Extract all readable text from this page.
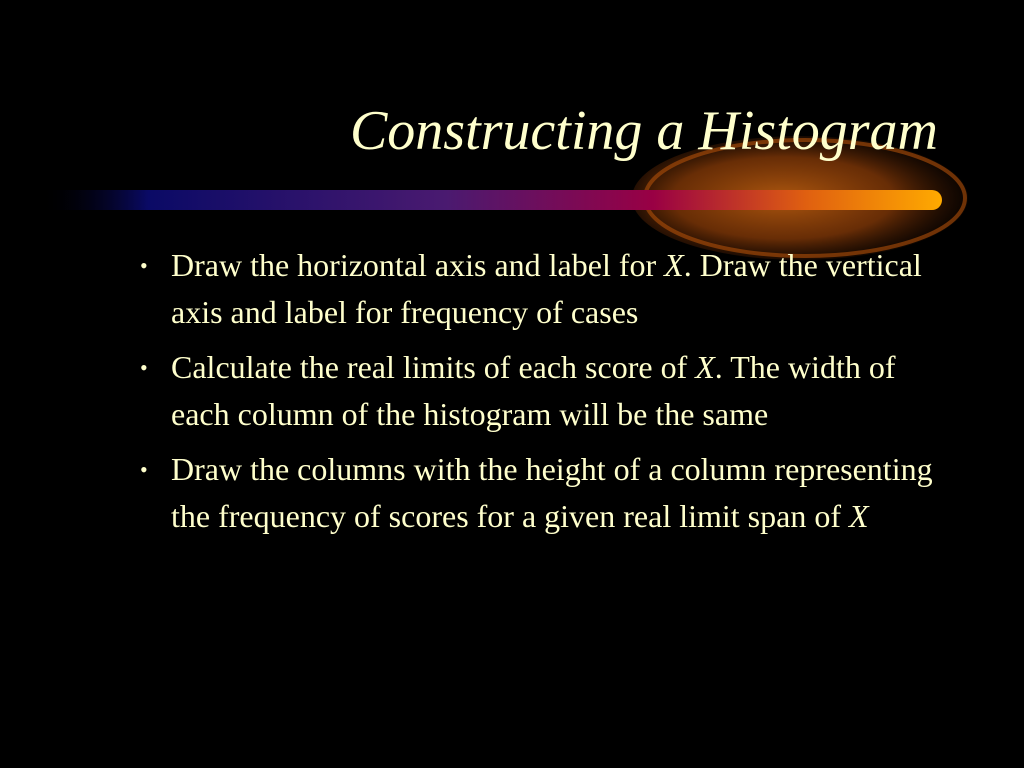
Constructing a Histogram
• Draw the horizontal axis and label for X. Draw the vertical axis and label for frequency of cases
• Calculate the real limits of each score of X. The width of each column of the histogram will be the same
• Draw the columns with the height of a column representing the frequency of scores for a given real limit span of X
